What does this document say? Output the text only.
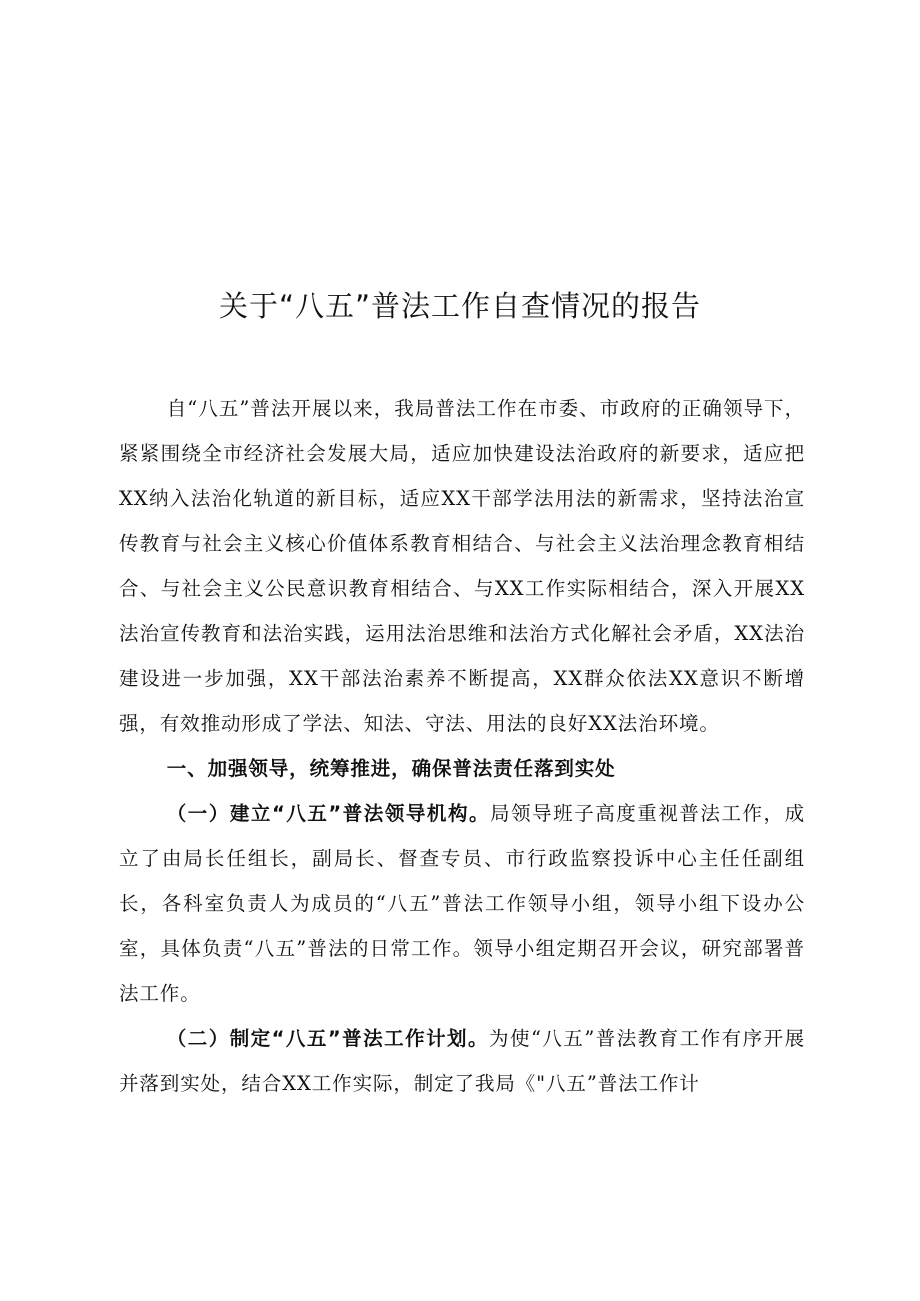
关于“八五”普法工作自查情况的报告

自“八五”普法开展以来，我局普法工作在市委、市政府的正确领导下，紧紧围绕全市经济社会发展大局，适应加快建设法治政府的新要求，适应把XX纳入法治化轨道的新目标，适应XX干部学法用法的新需求，坚持法治宣传教育与社会主义核心价值体系教育相结合、与社会主义法治理念教育相结合、与社会主义公民意识教育相结合、与XX工作实际相结合，深入开展XX法治宣传教育和法治实践，运用法治思维和法治方式化解社会矛盾，XX法治建设进一步加强，XX干部法治素养不断提高，XX群众依法XX意识不断增强，有效推动形成了学法、知法、守法、用法的良好XX法治环境。

一、加强领导，统筹推进，确保普法责任落到实处

（一）建立“八五”普法领导机构。局领导班子高度重视普法工作，成立了由局长任组长，副局长、督查专员、市行政监察投诉中心主任任副组长，各科室负责人为成员的“八五”普法工作领导小组，领导小组下设办公室，具体负责“八五”普法的日常工作。领导小组定期召开会议，研究部署普法工作。

（二）制定“八五”普法工作计划。为使“八五”普法教育工作有序开展并落到实处，结合XX工作实际，制定了我局《"八五”普法工作计
